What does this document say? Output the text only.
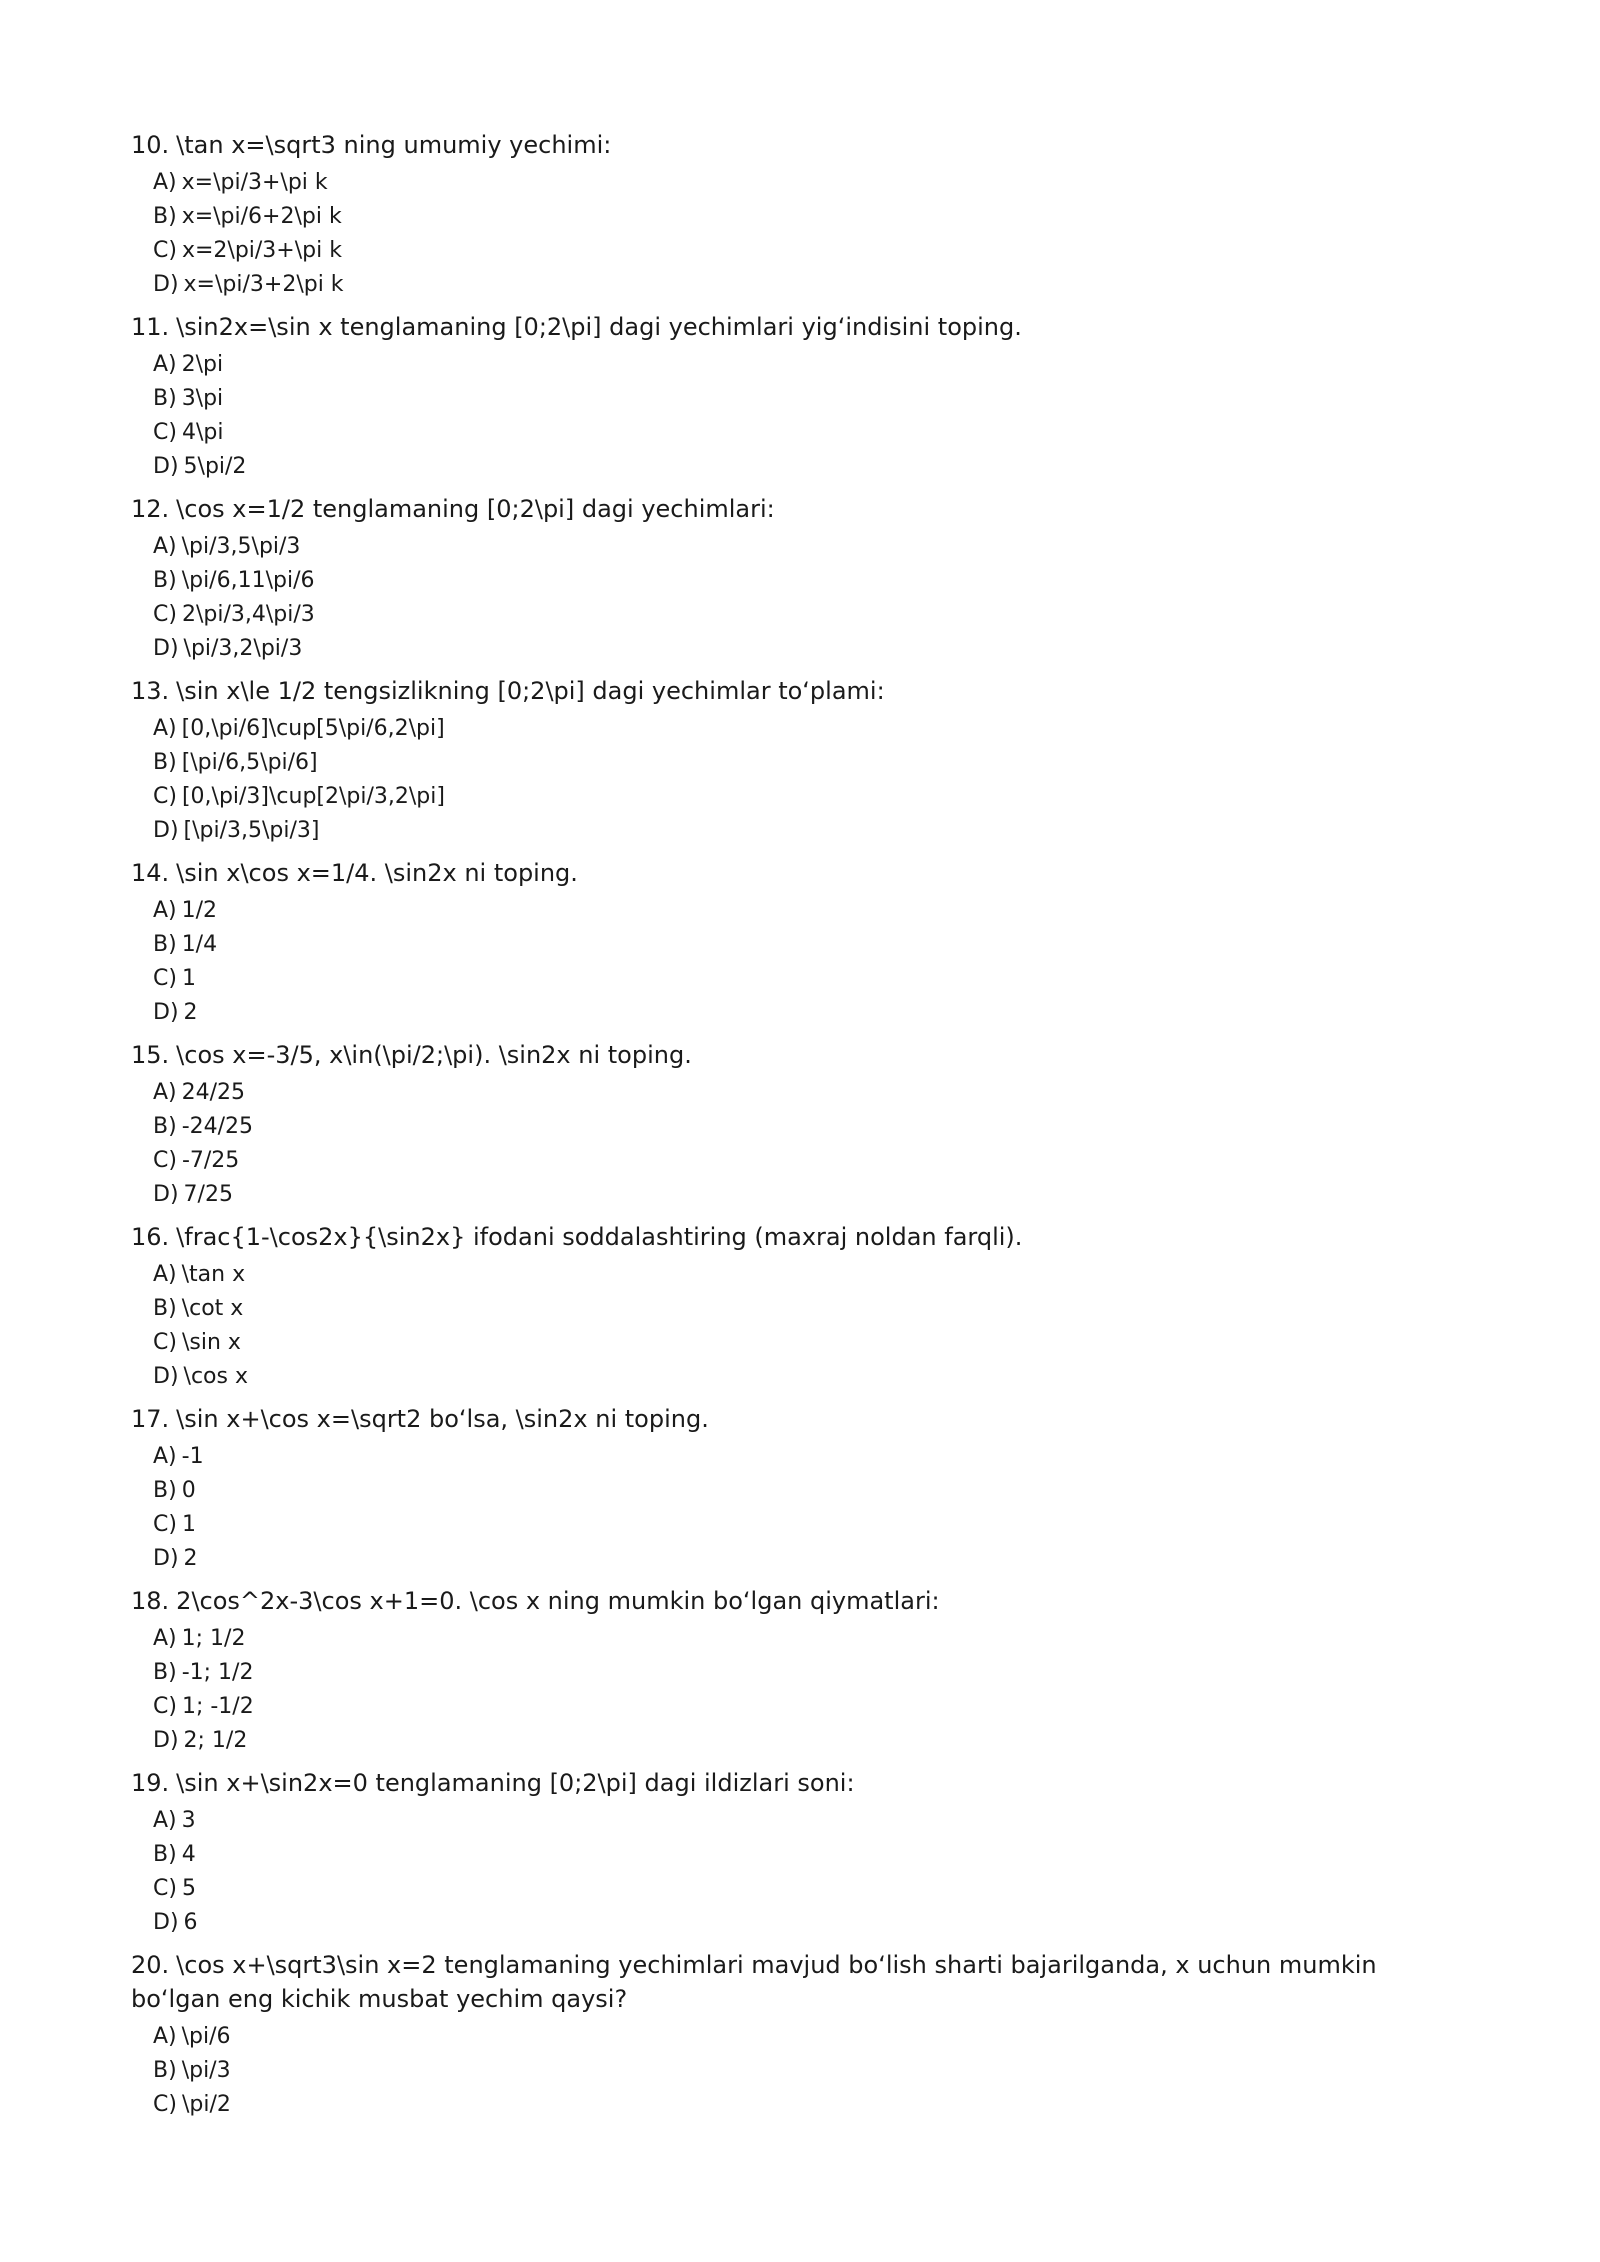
10. \tan x=\sqrt3 ning umumiy yechimi:
A) x=\pi/3+\pi k
B) x=\pi/6+2\pi k
C) x=2\pi/3+\pi k
D) x=\pi/3+2\pi k
11. \sin2x=\sin x tenglamaning [0;2\pi] dagi yechimlari yig‘indisini toping.
A) 2\pi
B) 3\pi
C) 4\pi
D) 5\pi/2
12. \cos x=1/2 tenglamaning [0;2\pi] dagi yechimlari:
A) \pi/3,5\pi/3
B) \pi/6,11\pi/6
C) 2\pi/3,4\pi/3
D) \pi/3,2\pi/3
13. \sin x\le 1/2 tengsizlikning [0;2\pi] dagi yechimlar to‘plami:
A) [0,\pi/6]\cup[5\pi/6,2\pi]
B) [\pi/6,5\pi/6]
C) [0,\pi/3]\cup[2\pi/3,2\pi]
D) [\pi/3,5\pi/3]
14. \sin x\cos x=1/4. \sin2x ni toping.
A) 1/2
B) 1/4
C) 1
D) 2
15. \cos x=-3/5, x\in(\pi/2;\pi). \sin2x ni toping.
A) 24/25
B) -24/25
C) -7/25
D) 7/25
16. \frac{1-\cos2x}{\sin2x} ifodani soddalashtiring (maxraj noldan farqli).
A) \tan x
B) \cot x
C) \sin x
D) \cos x
17. \sin x+\cos x=\sqrt2 bo‘lsa, \sin2x ni toping.
A) -1
B) 0
C) 1
D) 2
18. 2\cos^2x-3\cos x+1=0. \cos x ning mumkin bo‘lgan qiymatlari:
A) 1; 1/2
B) -1; 1/2
C) 1; -1/2
D) 2; 1/2
19. \sin x+\sin2x=0 tenglamaning [0;2\pi] dagi ildizlari soni:
A) 3
B) 4
C) 5
D) 6
20. \cos x+\sqrt3\sin x=2 tenglamaning yechimlari mavjud bo‘lish sharti bajarilganda, x uchun mumkin bo‘lgan eng kichik musbat yechim qaysi?
A) \pi/6
B) \pi/3
C) \pi/2
